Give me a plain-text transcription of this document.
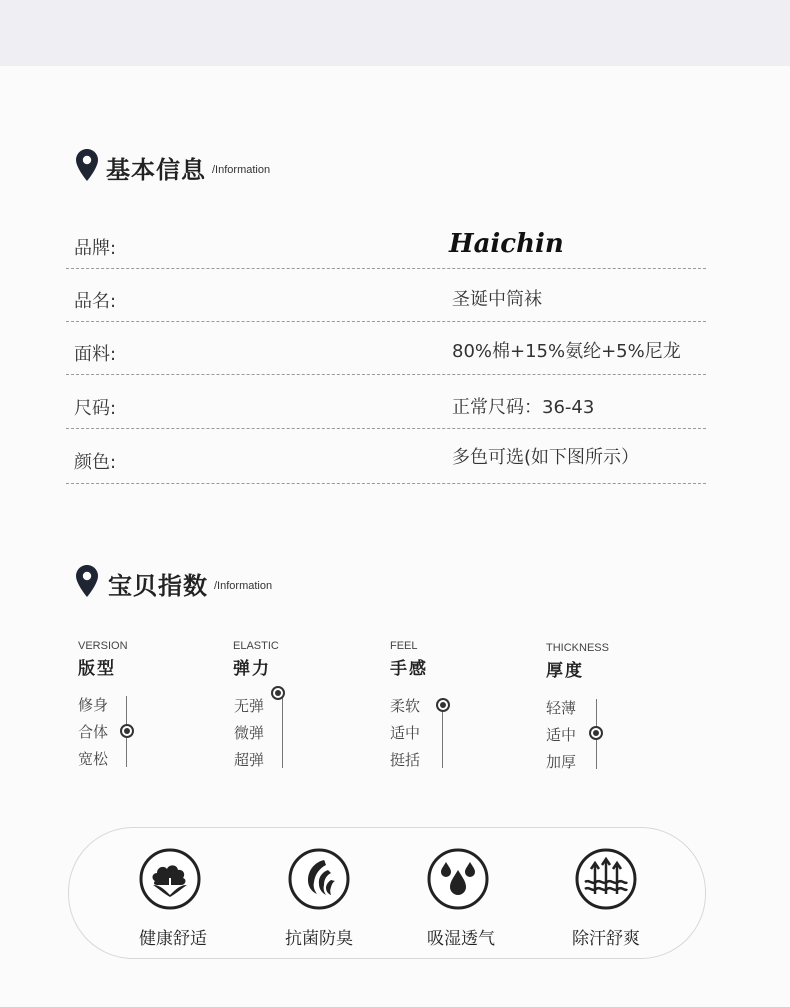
基本信息 /Information
品牌:	Haichin
品名:	圣诞中筒袜
面料:	80%棉+15%氨纶+5%尼龙
尺码:	正常尺码：36-43
颜色:	多色可选(如下图所示）
宝贝指数 /Information
VERSION
版型
修身
合体
宽松
ELASTIC
弹力
无弹
微弹
超弹
FEEL
手感
柔软
适中
挺括
THICKNESS
厚度
轻薄
适中
加厚
健康舒适	抗菌防臭	吸湿透气	除汗舒爽
